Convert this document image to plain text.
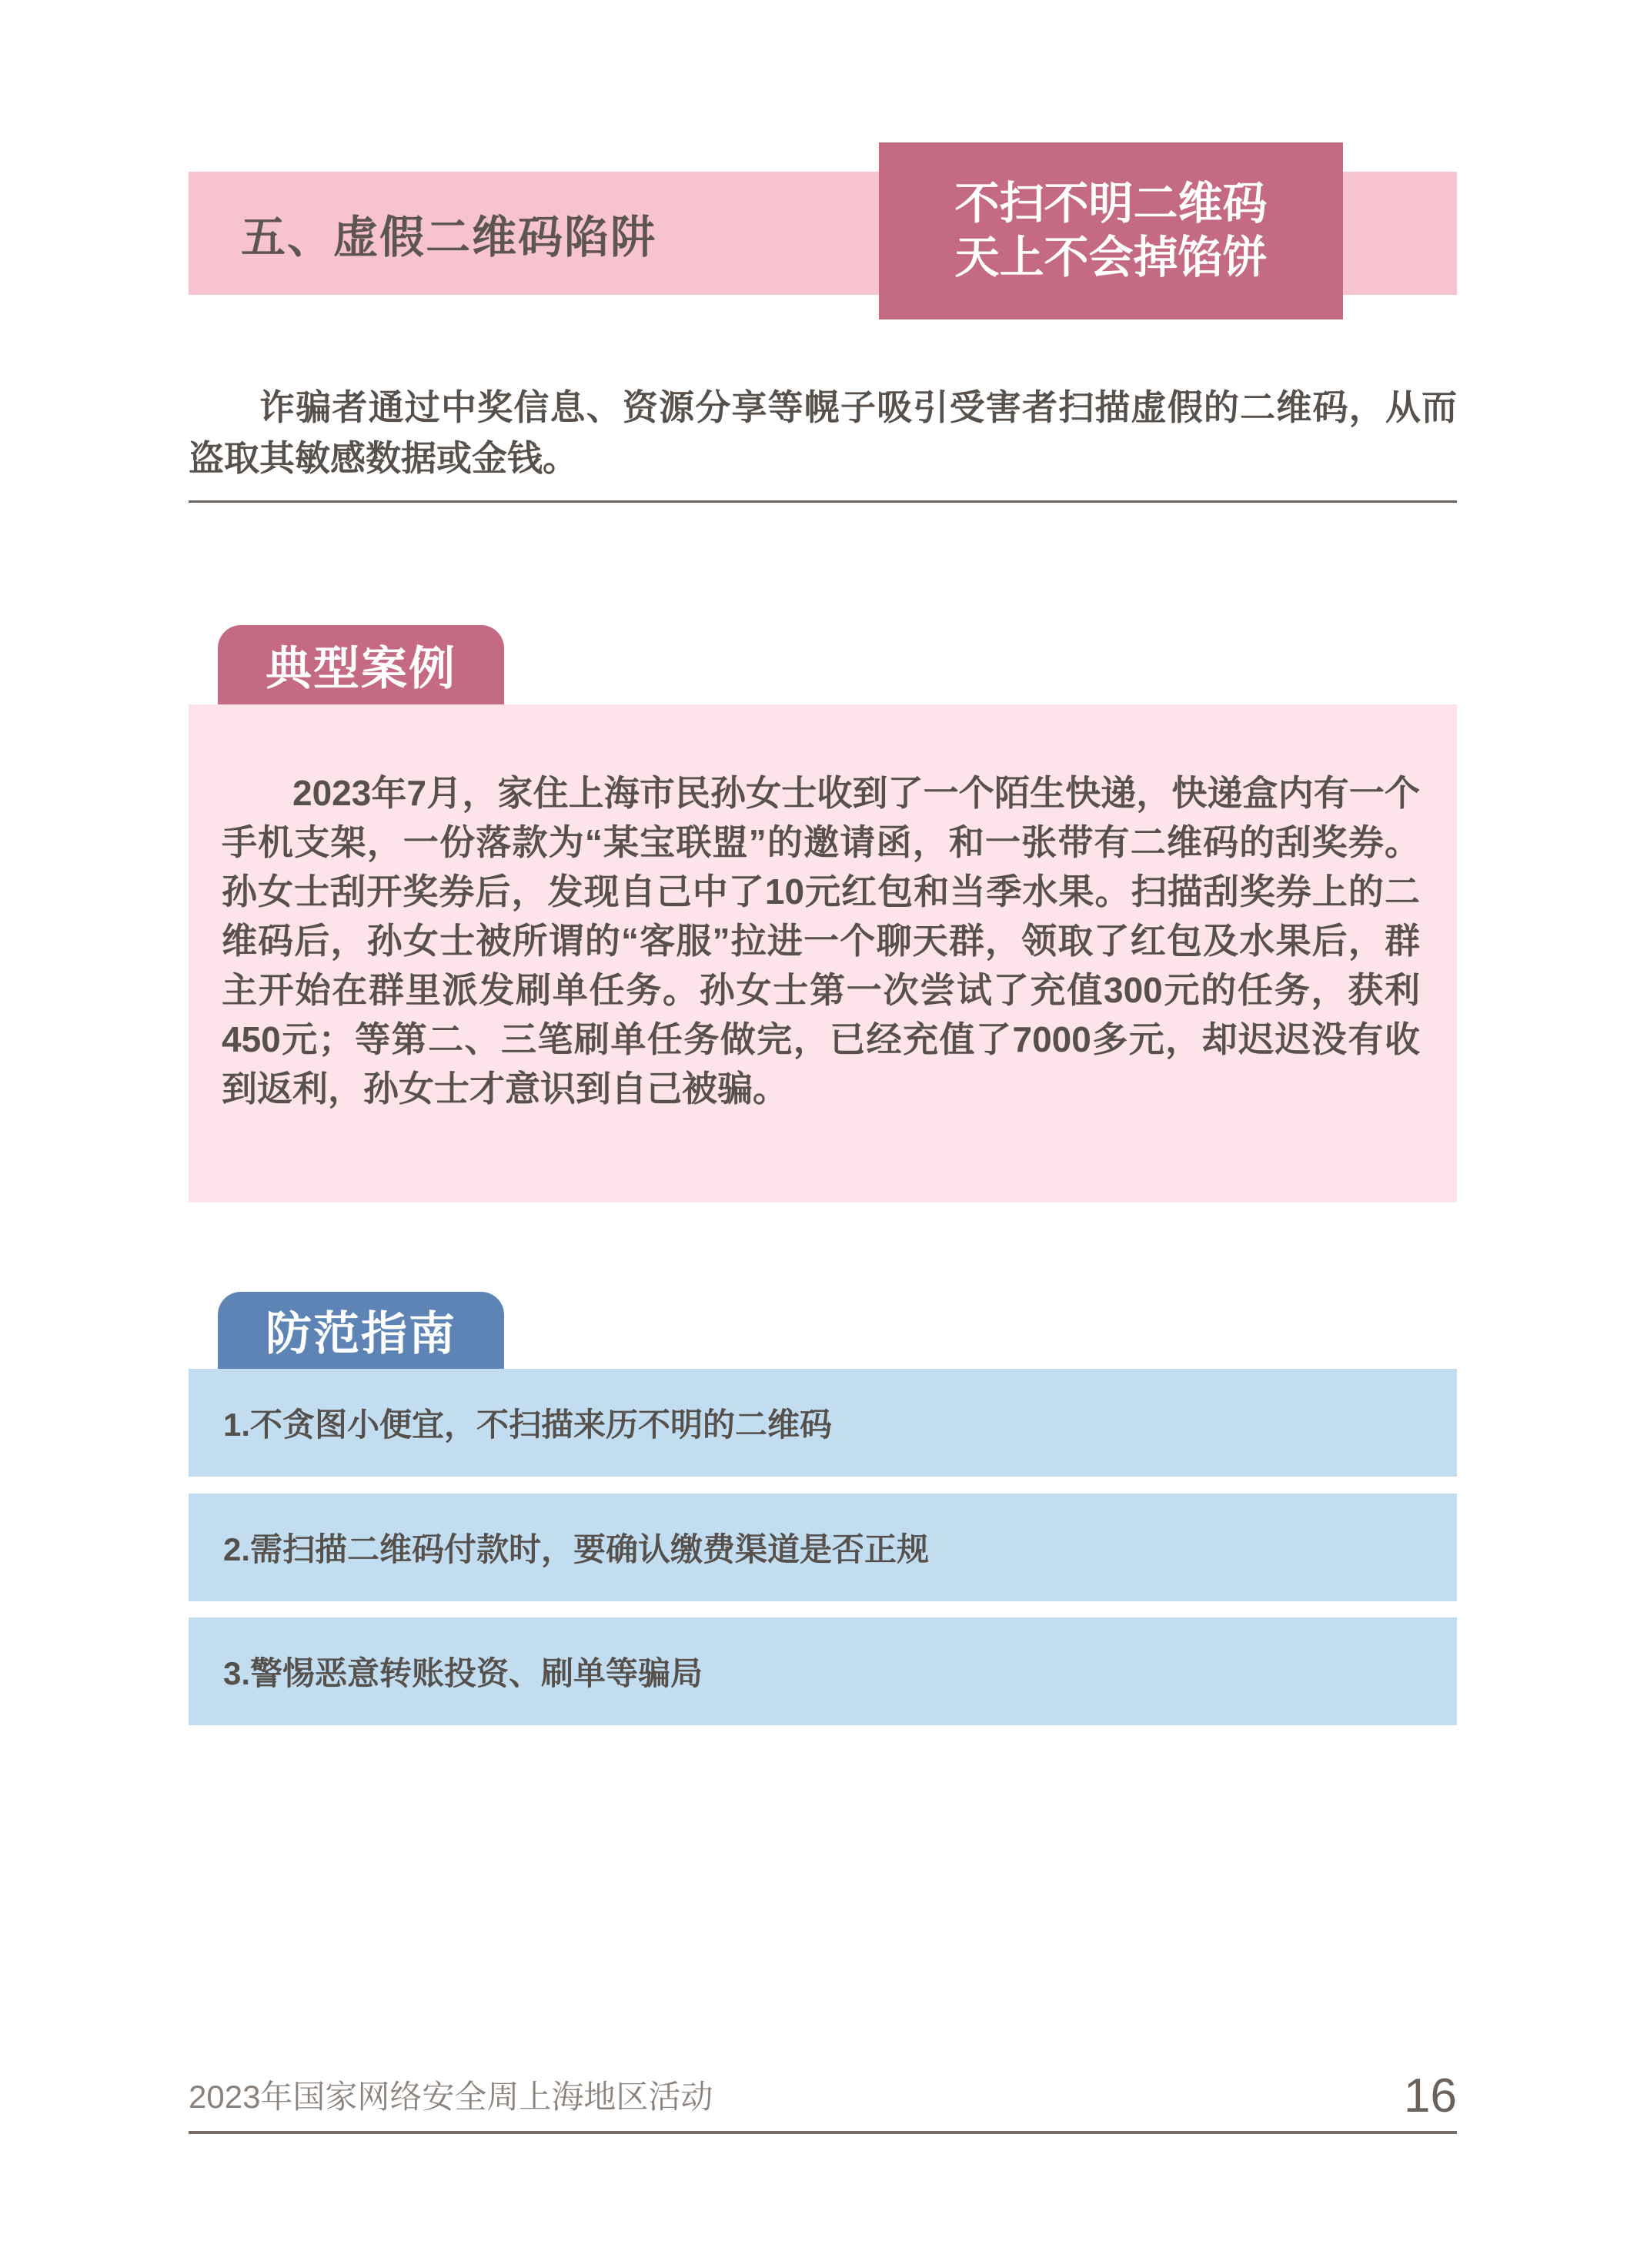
五、虚假二维码陷阱
不扫不明二维码
天上不会掉馅饼

诈骗者通过中奖信息、资源分享等幌子吸引受害者扫描虚假的二维码，从而盗取其敏感数据或金钱。

典型案例

2023年7月，家住上海市民孙女士收到了一个陌生快递，快递盒内有一个手机支架，一份落款为“某宝联盟”的邀请函，和一张带有二维码的刮奖券。孙女士刮开奖券后，发现自己中了10元红包和当季水果。扫描刮奖券上的二维码后，孙女士被所谓的“客服”拉进一个聊天群，领取了红包及水果后，群主开始在群里派发刷单任务。孙女士第一次尝试了充值300元的任务，获利450元；等第二、三笔刷单任务做完，已经充值了7000多元，却迟迟没有收到返利，孙女士才意识到自己被骗。

防范指南
1.不贪图小便宜，不扫描来历不明的二维码
2.需扫描二维码付款时，要确认缴费渠道是否正规
3.警惕恶意转账投资、刷单等骗局
2023年国家网络安全周上海地区活动	16
